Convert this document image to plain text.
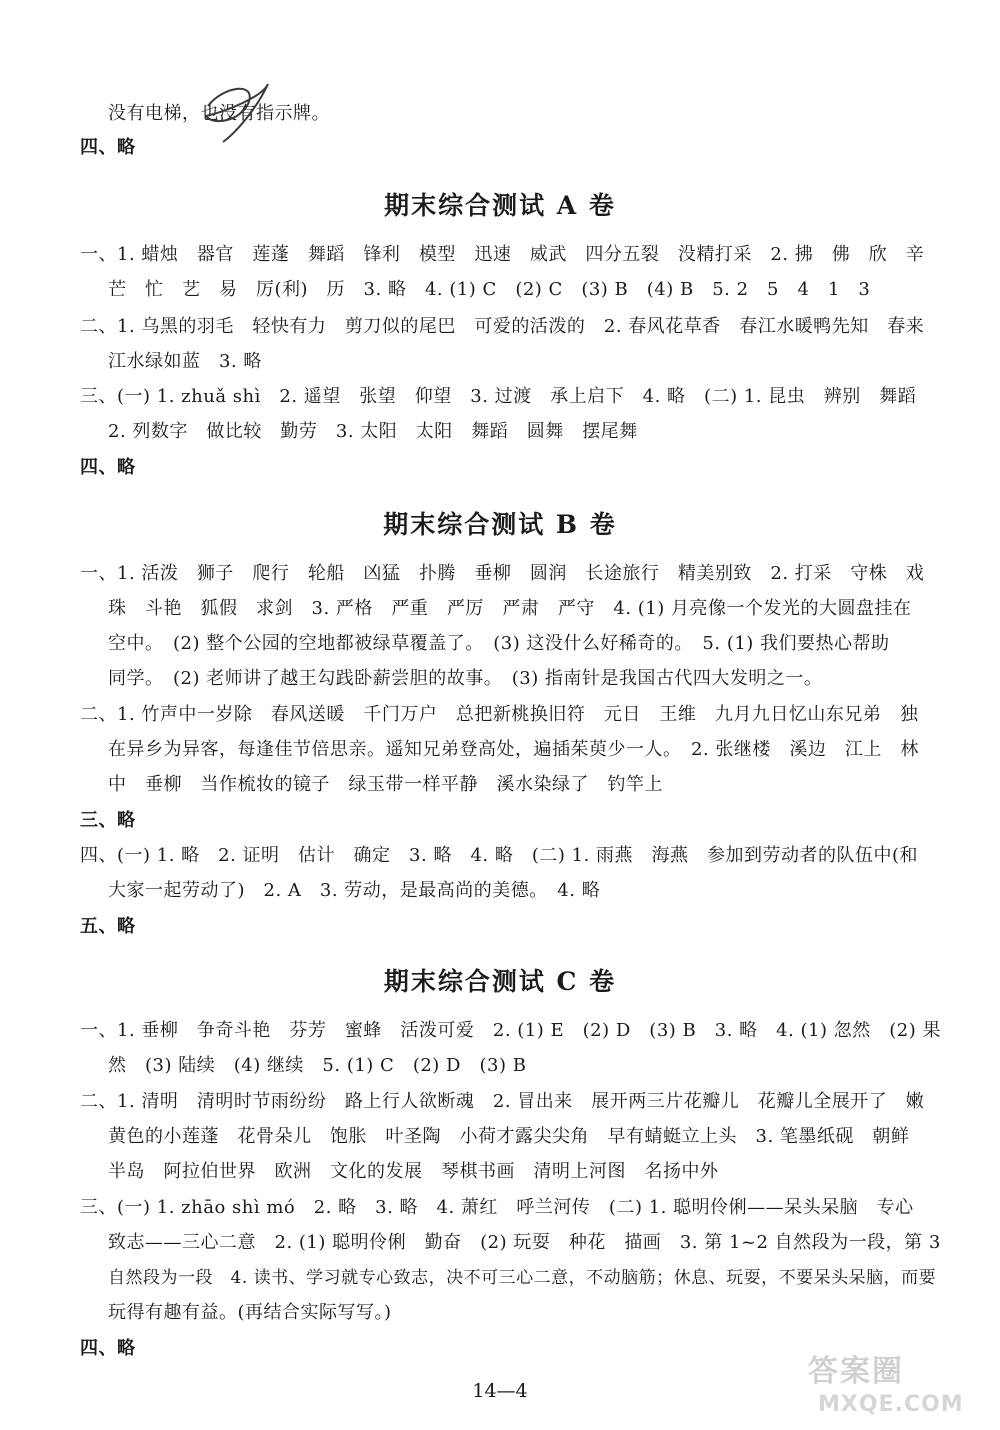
没有电梯，也没有指示牌。
四、略
期末综合测试 A 卷
一、1. 蜡烛　器官　莲蓬　舞蹈　锋利　模型　迅速　威武　四分五裂　没精打采　2. 拂　佛　欣　辛
芒　忙　艺　易　厉(利)　历　3. 略　4. (1) C　(2) C　(3) B　(4) B　5. 2　5　4　1　3
二、1. 乌黑的羽毛　轻快有力　剪刀似的尾巴　可爱的活泼的　2. 春风花草香　春江水暖鸭先知　春来
江水绿如蓝　3. 略
三、(一) 1. zhuǎ shì　2. 遥望　张望　仰望　3. 过渡　承上启下　4. 略　(二) 1. 昆虫　辨别　舞蹈
2. 列数字　做比较　勤劳　3. 太阳　太阳　舞蹈　圆舞　摆尾舞
四、略
期末综合测试 B 卷
一、1. 活泼　狮子　爬行　轮船　凶猛　扑腾　垂柳　圆润　长途旅行　精美别致　2. 打采　守株　戏
珠　斗艳　狐假　求剑　3. 严格　严重　严厉　严肃　严守　4. (1) 月亮像一个发光的大圆盘挂在
空中。　(2) 整个公园的空地都被绿草覆盖了。　(3) 这没什么好稀奇的。　5. (1) 我们要热心帮助
同学。　(2) 老师讲了越王勾践卧薪尝胆的故事。　(3) 指南针是我国古代四大发明之一。
二、1. 竹声中一岁除　春风送暖　千门万户　总把新桃换旧符　元日　王维　九月九日忆山东兄弟　独
在异乡为异客，每逢佳节倍思亲。遥知兄弟登高处，遍插茱萸少一人。　2. 张继楼　溪边　江上　林
中　垂柳　当作梳妆的镜子　绿玉带一样平静　溪水染绿了　钓竿上
三、略
四、(一) 1. 略　2. 证明　估计　确定　3. 略　4. 略　(二) 1. 雨燕　海燕　参加到劳动者的队伍中(和
大家一起劳动了)　2. A　3. 劳动，是最高尚的美德。　4. 略
五、略
期末综合测试 C 卷
一、1. 垂柳　争奇斗艳　芬芳　蜜蜂　活泼可爱　2. (1) E　(2) D　(3) B　3. 略　4. (1) 忽然　(2) 果
然　(3) 陆续　(4) 继续　5. (1) C　(2) D　(3) B
二、1. 清明　清明时节雨纷纷　路上行人欲断魂　2. 冒出来　展开两三片花瓣儿　花瓣儿全展开了　嫩
黄色的小莲蓬　花骨朵儿　饱胀　叶圣陶　小荷才露尖尖角　早有蜻蜓立上头　3. 笔墨纸砚　朝鲜
半岛　阿拉伯世界　欧洲　文化的发展　琴棋书画　清明上河图　名扬中外
三、(一) 1. zhāo shì mó　2. 略　3. 略　4. 萧红　呼兰河传　(二) 1. 聪明伶俐——呆头呆脑　专心
致志——三心二意　2. (1) 聪明伶俐　勤奋　(2) 玩耍　种花　描画　3. 第 1~2 自然段为一段，第 3
自然段为一段　4. 读书、学习就专心致志，决不可三心二意，不动脑筋；休息、玩耍，不要呆头呆脑，而要
玩得有趣有益。(再结合实际写写。)
四、略
14—4
答案圈
MXQE.COM
